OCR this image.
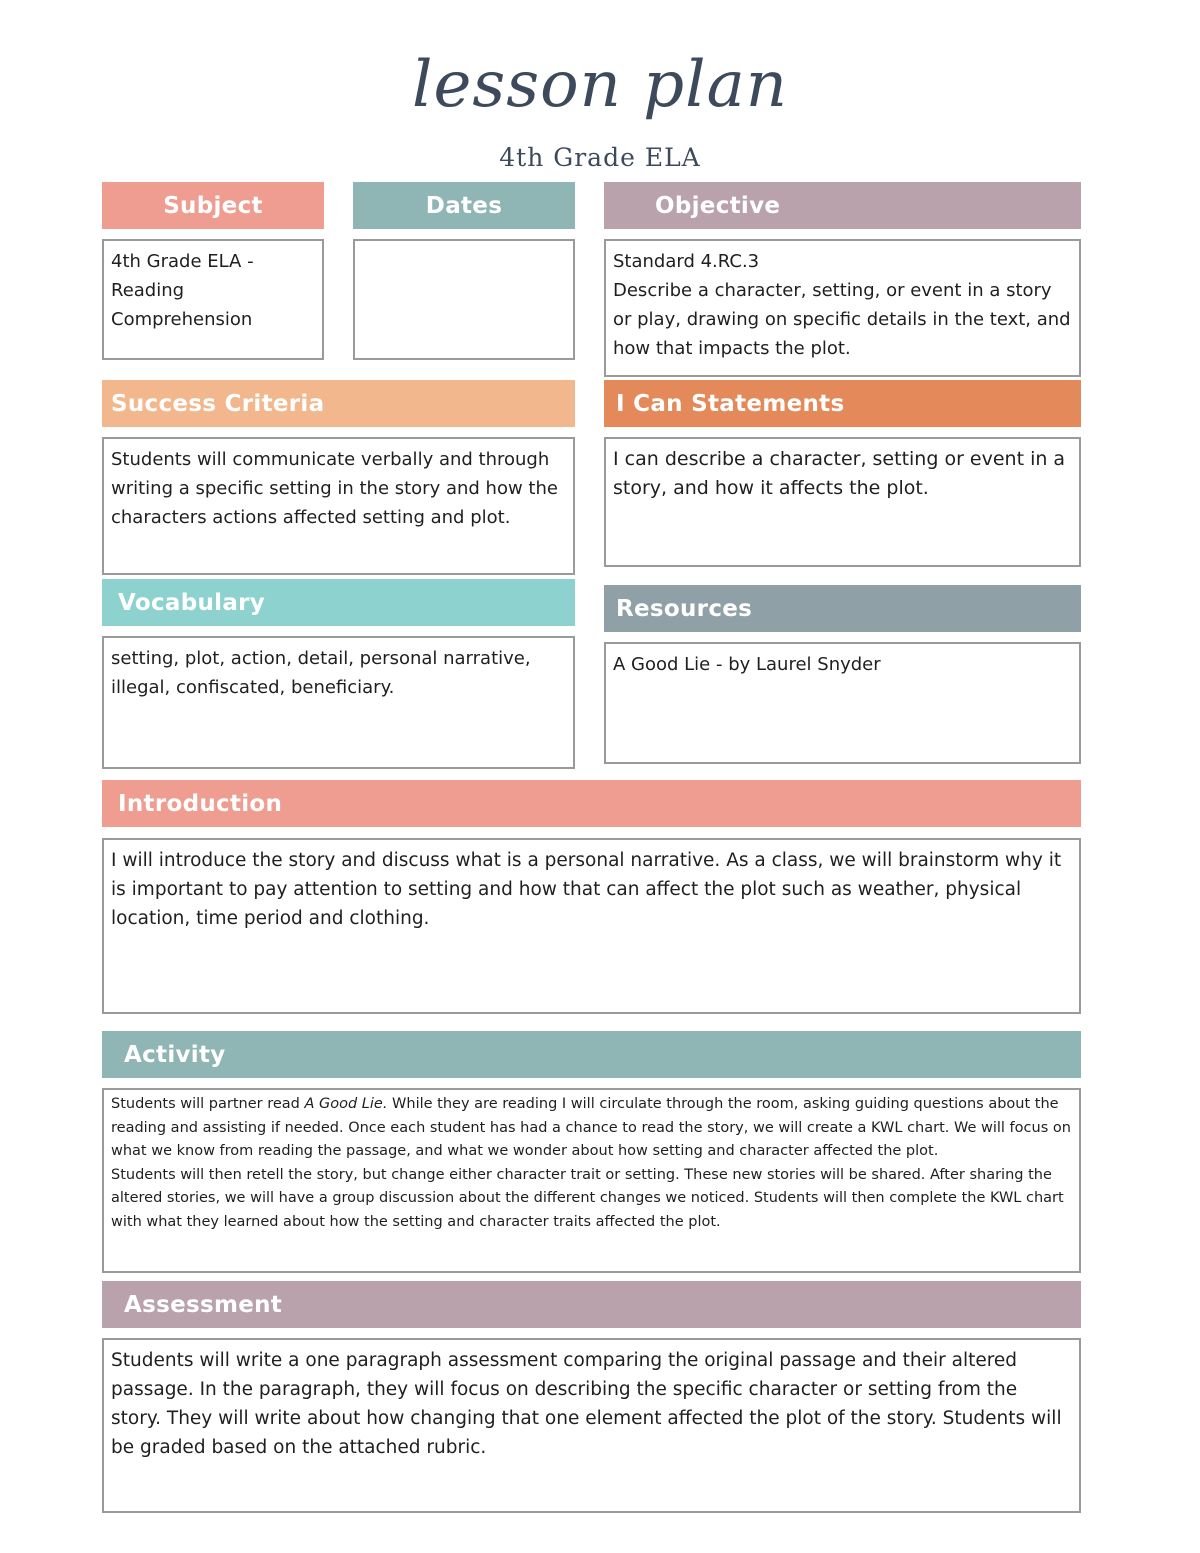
lesson plan
4th Grade ELA
Subject
4th Grade ELA -
Reading
Comprehension
Dates	Objective
Standard 4.RC.3
Describe a character, setting, or event in a story or play, drawing on specific details in the text, and how that impacts the plot.
Success Criteria
Students will communicate verbally and through writing a specific setting in the story and how the characters actions affected setting and plot.
I Can Statements
I can describe a character, setting or event in a story, and how it affects the plot.
Vocabulary
setting, plot, action, detail, personal narrative, illegal, confiscated, beneficiary.
Resources
A Good Lie - by Laurel Snyder
Introduction
I will introduce the story and discuss what is a personal narrative. As a class, we will brainstorm why it is important to pay attention to setting and how that can affect the plot such as weather, physical location, time period and clothing.
Activity
Students will partner read A Good Lie. While they are reading I will circulate through the room, asking guiding questions about the reading and assisting if needed. Once each student has had a chance to read the story, we will create a KWL chart. We will focus on what we know from reading the passage, and what we wonder about how setting and character affected the plot.
Students will then retell the story, but change either character trait or setting. These new stories will be shared. After sharing the altered stories, we will have a group discussion about the different changes we noticed. Students will then complete the KWL chart with what they learned about how the setting and character traits affected the plot.
Assessment
Students will write a one paragraph assessment comparing the original passage and their altered passage. In the paragraph, they will focus on describing the specific character or setting from the story. They will write about how changing that one element affected the plot of the story. Students will be graded based on the attached rubric.
